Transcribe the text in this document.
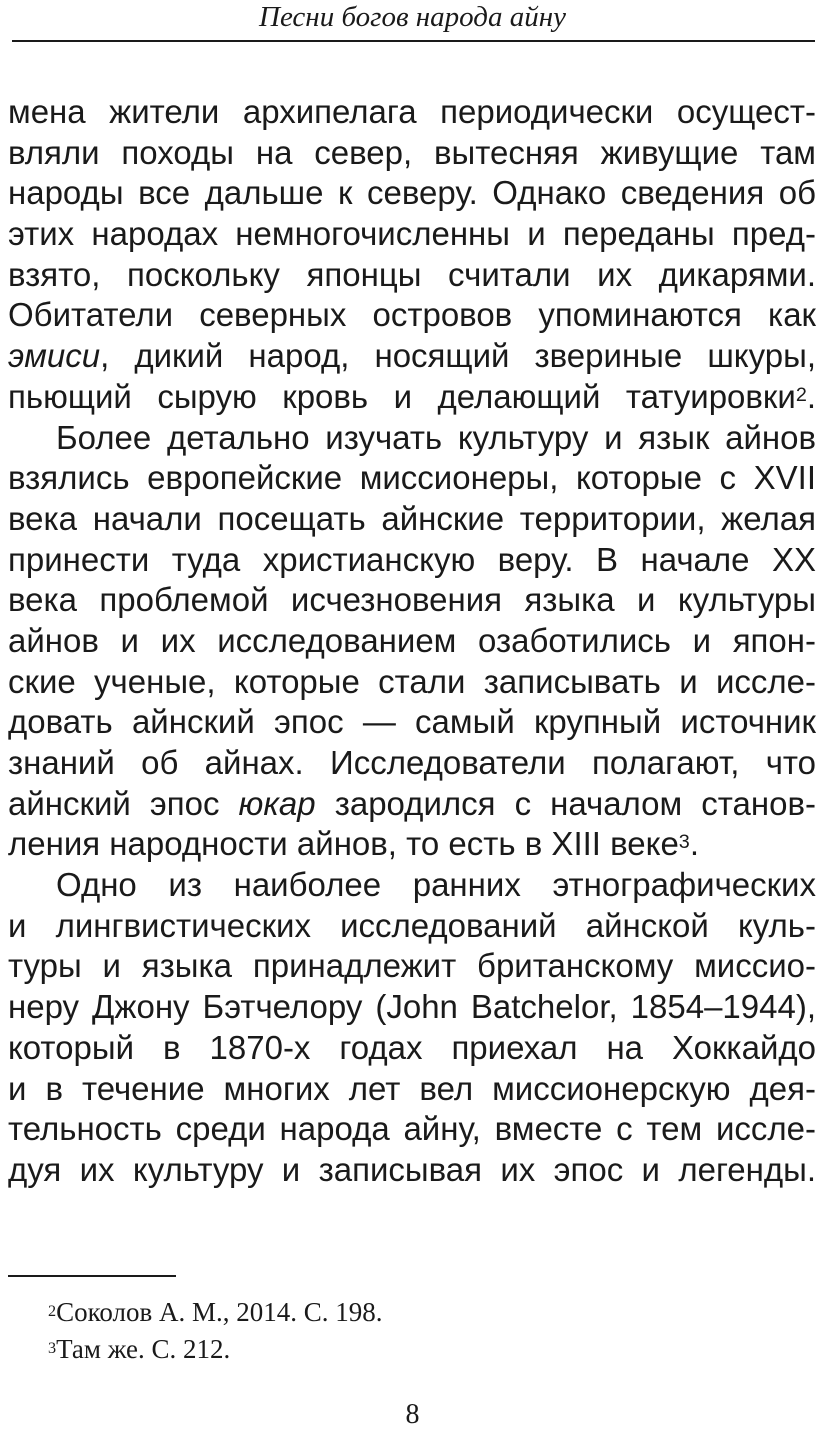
Песни богов народа айну
мена жители архипелага периодически осущест-
вляли походы на север, вытесняя живущие там
народы все дальше к северу. Однако сведения об
этих народах немногочисленны и переданы пред-
взято, поскольку японцы считали их дикарями.
Обитатели северных островов упоминаются как
эмиси, дикий народ, носящий звериные шкуры,
пьющий сырую кровь и делающий татуировки$^2$.
Более детально изучать культуру и язык айнов
взялись европейские миссионеры, которые с XVII
века начали посещать айнские территории, желая
принести туда христианскую веру. В начале XX
века проблемой исчезновения языка и культуры
айнов и их исследованием озаботились и япон-
ские ученые, которые стали записывать и иссле-
довать айнский эпос — самый крупный источник
знаний об айнах. Исследователи полагают, что
айнский эпос юкар зародился с началом станов-
ления народности айнов, то есть в XIII веке$^3$.
Одно из наиболее ранних этнографических
и лингвистических исследований айнской куль-
туры и языка принадлежит британскому миссио-
неру Джону Бэтчелору (John Batchelor, 1854–1944),
который в 1870-х годах приехал на Хоккайдо
и в течение многих лет вел миссионерскую дея-
тельность среди народа айну, вместе с тем иссле-
дуя их культуру и записывая их эпос и легенды.
$^2$Соколов А. М., 2014. С. 198.
$^3$Там же. С. 212.
8
